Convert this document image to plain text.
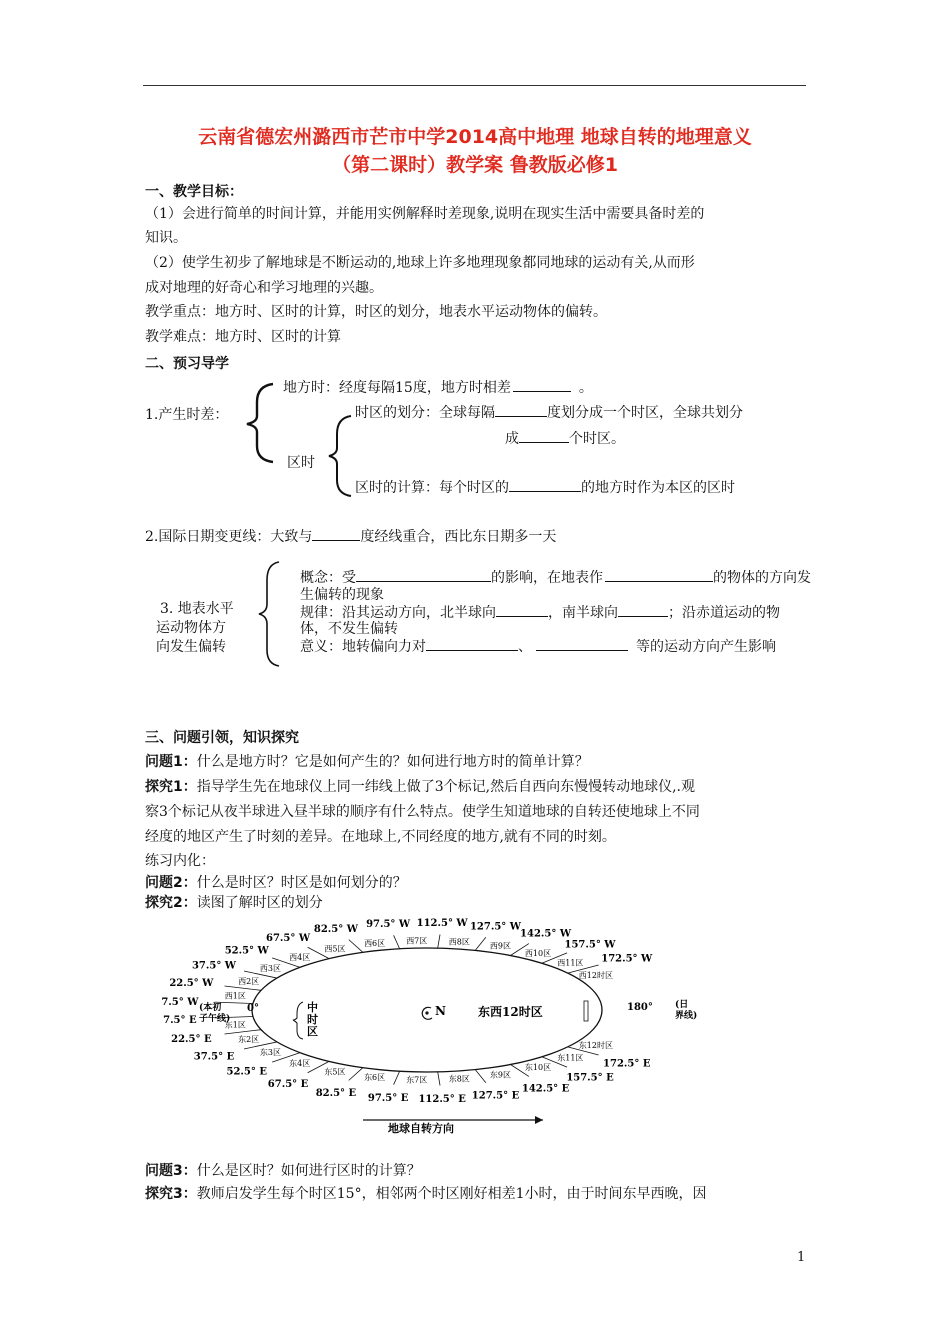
云南省德宏州潞西市芒市中学2014高中地理 地球自转的地理意义
（第二课时）教学案 鲁教版必修1
一、教学目标：
（1）会进行简单的时间计算，并能用实例解释时差现象,说明在现实生活中需要具备时差的
知识。
（2）使学生初步了解地球是不断运动的,地球上许多地理现象都同地球的运动有关,从而形
成对地理的好奇心和学习地理的兴趣。
教学重点：地方时、区时的计算，时区的划分，地表水平运动物体的偏转。
教学难点：地方时、区时的计算
二、预习导学
1.产生时差：
地方时：经度每隔15度，地方时相差	。
时区的划分：全球每隔	度划分成一个时区，全球共划分
成	个时区。
区时
区时的计算：每个时区的	的地方时作为本区的区时
2.国际日期变更线：大致与	度经线重合，西比东日期多一天
3. 地表水平
运动物体方
向发生偏转
概念：受	的影响，在地表作	的物体的方向发
生偏转的现象
规律：沿其运动方向，北半球向	，南半球向	；沿赤道运动的物
体，不发生偏转
意义：地转偏向力对	、	等的运动方向产生影响
三、问题引领，知识探究
问题1：什么是地方时？它是如何产生的？如何进行地方时的简单计算？
探究1：指导学生先在地球仪上同一纬线上做了3个标记,然后自西向东慢慢转动地球仪,.观
察3个标记从夜半球进入昼半球的顺序有什么特点。使学生知道地球的自转还使地球上不同
经度的地区产生了时刻的差异。在地球上,不同经度的地方,就有不同的时刻。
练习内化：
问题2：什么是时区？时区是如何划分的？
探究2：读图了解时区的划分
西1区
东1区
西2区
东2区
西3区
东3区
西4区
东4区
西5区
东5区
西6区
东6区
西7区
东7区
西8区
东8区
西9区
东9区
西10区
东10区
西11区
东11区
西12时区
东12时区
7.5° W
7.5° E
22.5° W
22.5° E
37.5° W
37.5° E
52.5° W
52.5° E
67.5° W
67.5° E
82.5° W
82.5° E
97.5° W
97.5° E
112.5° W
112.5° E
127.5° W
127.5° E
142.5° W
142.5° E
157.5° W
157.5° E
172.5° W
172.5° E
N	东西12时区
中
时
区
0°
(本初
子午线)
180° (日
界线)
地球自转方向
问题3：什么是区时？如何进行区时的计算？
探究3：教师启发学生每个时区15°，相邻两个时区刚好相差1小时，由于时间东早西晚，因
1
